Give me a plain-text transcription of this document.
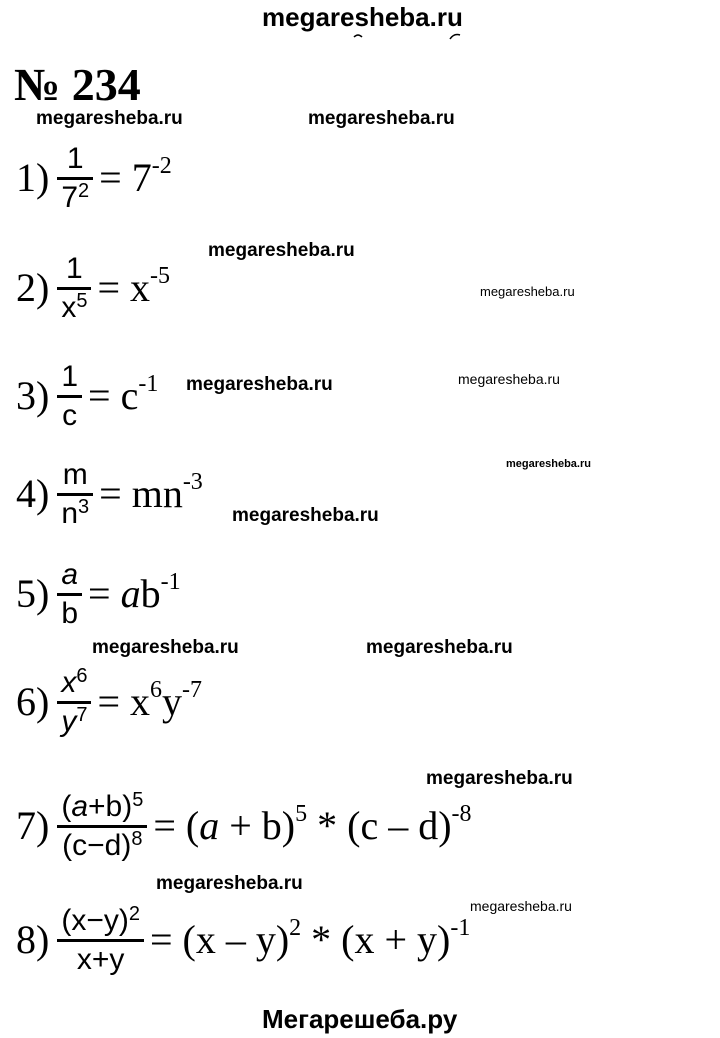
megaresheba.ru
№ 234
megaresheba.ru	megaresheba.ru
megaresheba.ru
megaresheba.ru
megaresheba.ru	megaresheba.ru
megaresheba.ru
megaresheba.ru
megaresheba.ru	megaresheba.ru
megaresheba.ru
megaresheba.ru
megaresheba.ru
$1) \frac{1}{7^2} = 7^{-2}$
$2) \frac{1}{x^5} = x^{-5}$
$3) \frac{1}{c} = c^{-1}$
$4) \frac{m}{n^3} = mn^{-3}$
$5) \frac{a}{b} = ab^{-1}$
$6) \frac{x^6}{y^7} = x^6y^{-7}$
$7) \frac{(a+b)^5}{(c-d)^8} = (a + b)^5 * (c - d)^{-8}$
$8) \frac{(x-y)^2}{x+y} = (x - y)^2 * (x + y)^{-1}$
Мегарешеба.ру
